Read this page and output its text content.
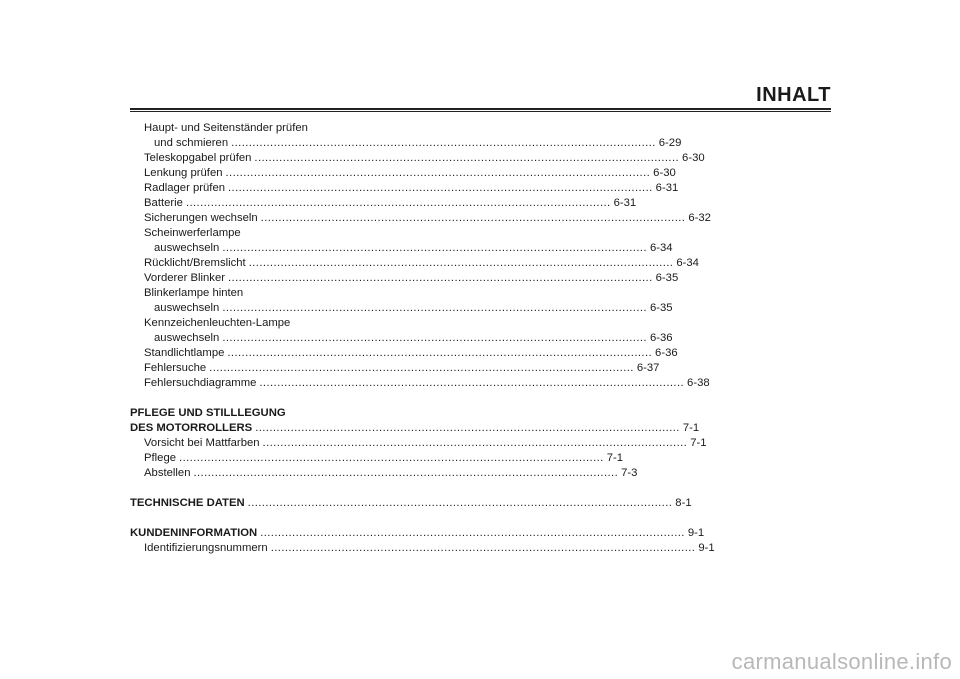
INHALT
Haupt- und Seitenständer prüfen
und schmieren ........................................................................................................................ 6-29
Teleskopgabel prüfen ........................................................................................................................ 6-30
Lenkung prüfen ........................................................................................................................ 6-30
Radlager prüfen ........................................................................................................................ 6-31
Batterie ........................................................................................................................ 6-31
Sicherungen wechseln ........................................................................................................................ 6-32
Scheinwerferlampe
auswechseln ........................................................................................................................ 6-34
Rücklicht/Bremslicht ........................................................................................................................ 6-34
Vorderer Blinker ........................................................................................................................ 6-35
Blinkerlampe hinten
auswechseln ........................................................................................................................ 6-35
Kennzeichenleuchten-Lampe
auswechseln ........................................................................................................................ 6-36
Standlichtlampe ........................................................................................................................ 6-36
Fehlersuche ........................................................................................................................ 6-37
Fehlersuchdiagramme ........................................................................................................................ 6-38
PFLEGE UND STILLLEGUNG
DES MOTORROLLERS ........................................................................................................................ 7-1
Vorsicht bei Mattfarben ........................................................................................................................ 7-1
Pflege ........................................................................................................................ 7-1
Abstellen ........................................................................................................................ 7-3
TECHNISCHE DATEN ........................................................................................................................ 8-1
KUNDENINFORMATION ........................................................................................................................ 9-1
Identifizierungsnummern ........................................................................................................................ 9-1
carmanualsonline.info
